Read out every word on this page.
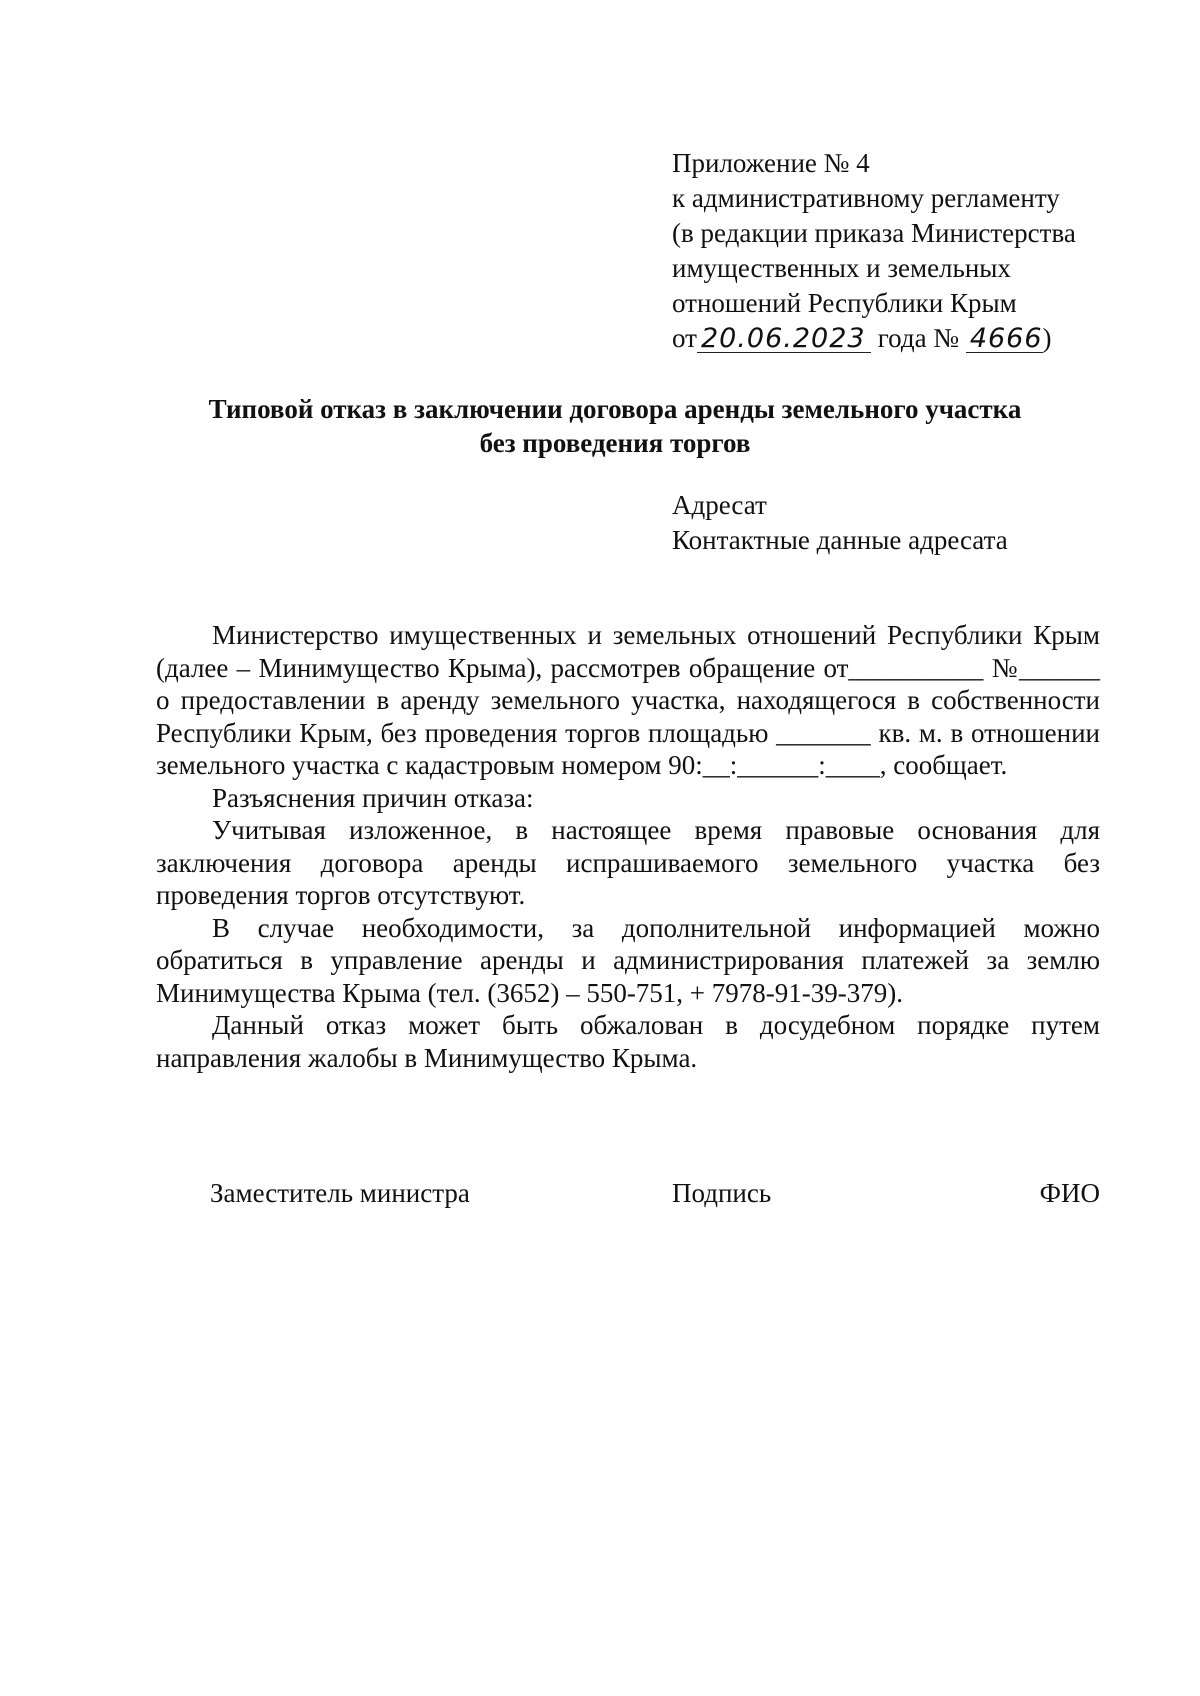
Приложение № 4
к административному регламенту
(в редакции приказа Министерства
имущественных и земельных
отношений Республики Крым
от 20.06.2023 года № 4666)
Типовой отказ в заключении договора аренды земельного участка
без проведения торгов
Адресат
Контактные данные адресата

Министерство имущественных и земельных отношений Республики Крым (далее – Минимущество Крыма), рассмотрев обращение от__________ №______ о предоставлении в аренду земельного участка, находящегося в собственности Республики Крым, без проведения торгов площадью _______ кв. м. в отношении земельного участка с кадастровым номером 90:__:______:____, сообщает.

Разъяснения причин отказа:

Учитывая изложенное, в настоящее время правовые основания для заключения договора аренды испрашиваемого земельного участка без проведения торгов отсутствуют.

В случае необходимости, за дополнительной информацией можно обратиться в управление аренды и администрирования платежей за землю Минимущества Крыма (тел. (3652) – 550-751, + 7978-91-39-379).

Данный отказ может быть обжалован в досудебном порядке путем направления жалобы в Минимущество Крыма.

Заместитель министра	Подпись	ФИО
